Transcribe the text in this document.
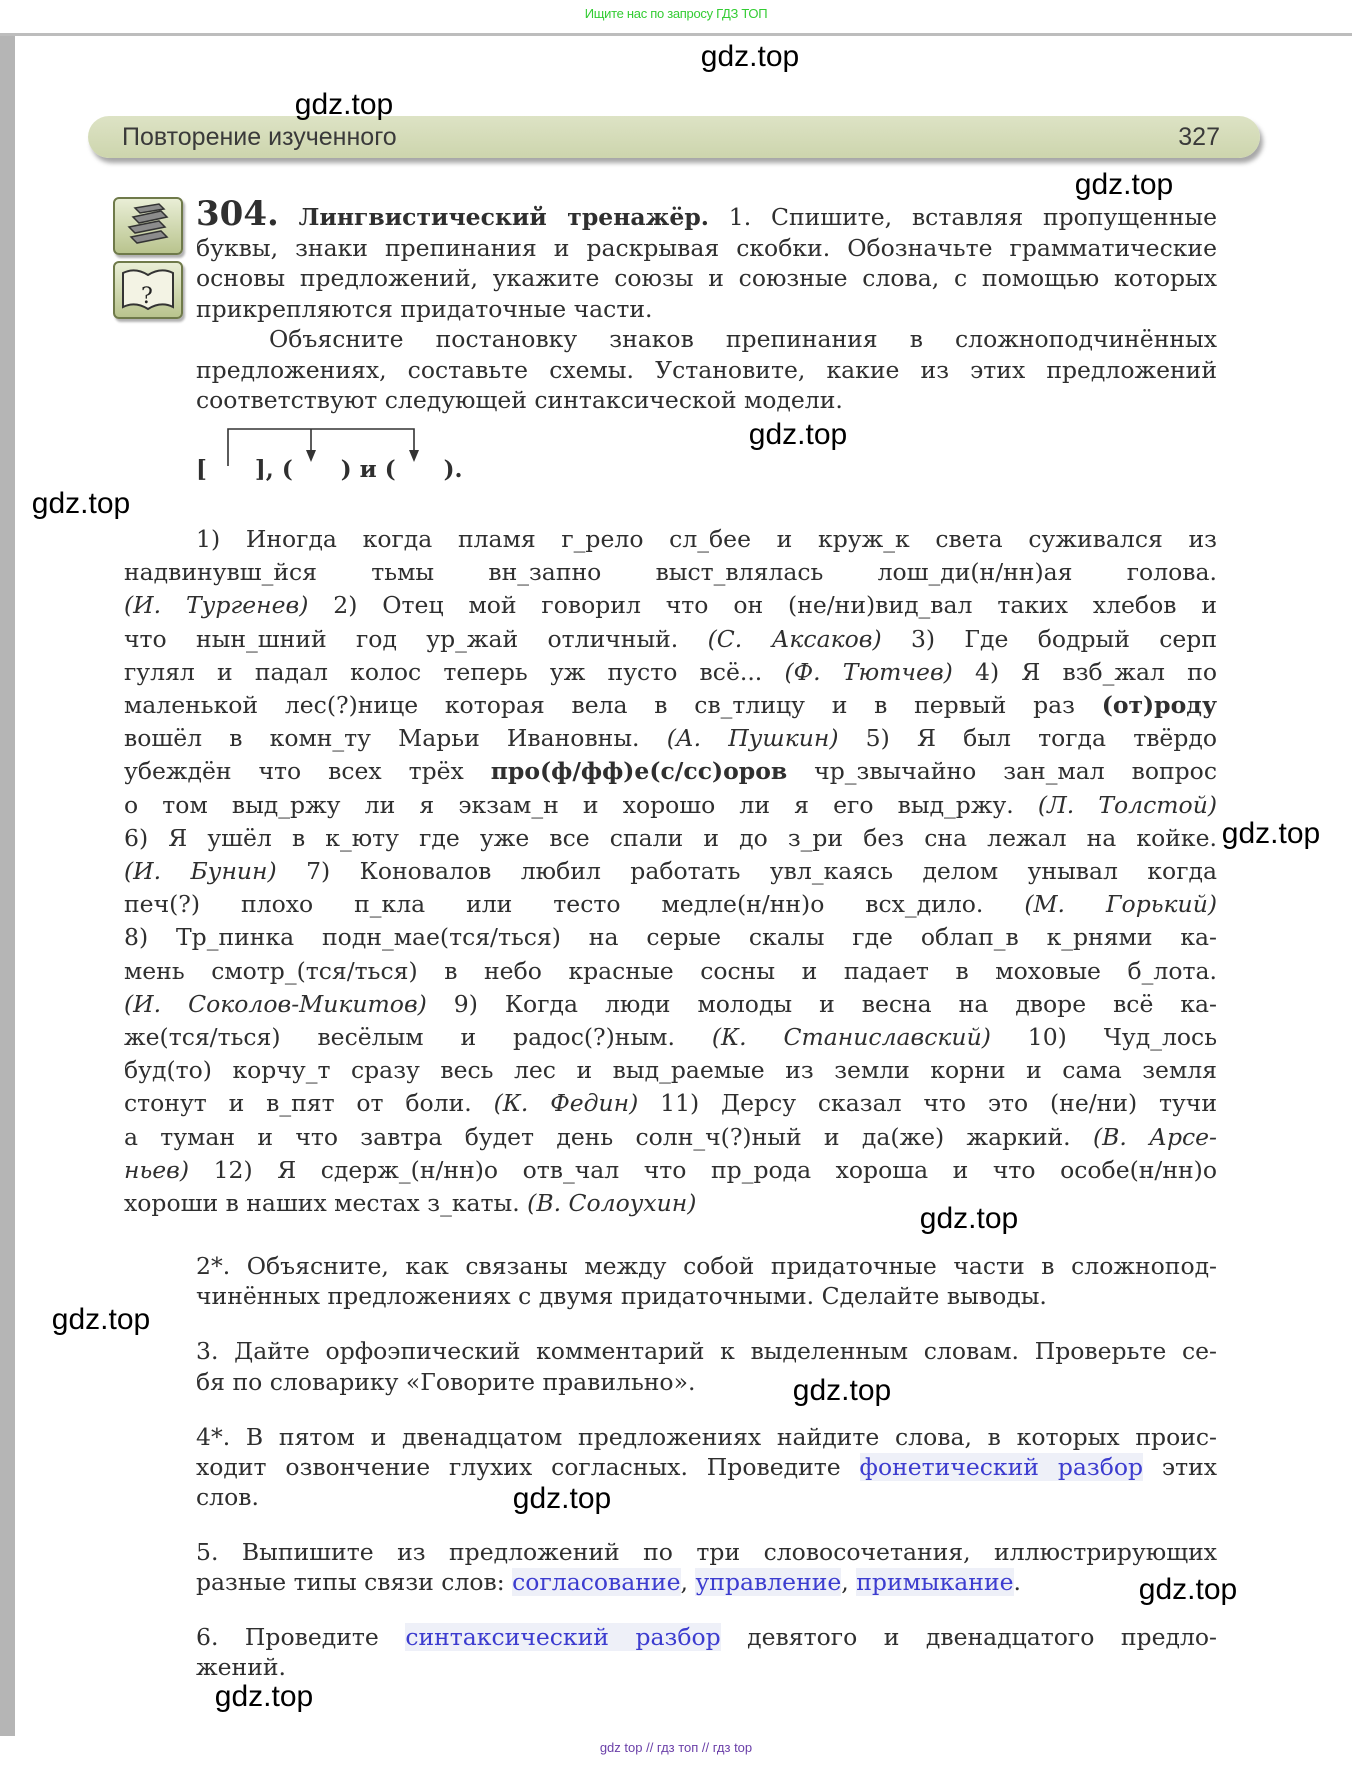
Ищите нас по запросу ГДЗ ТОП
Повторение изученного	327
?
304. Лингвистический тренажёр. 1. Спишите, вставляя пропущенные
буквы, знаки препинания и раскрывая скобки. Обозначьте грамматические
основы предложений, укажите союзы и союзные слова, с помощью которых
прикрепляются придаточные части.
Объясните постановку знаков препинания в сложноподчинённых
предложениях, составьте схемы. Установите, какие из этих предложений
соответствуют следующей синтаксической модели.
[      ], (      ) и (      ).
1) Иногда когда пламя г_рело сл_бее и круж_к света суживался из
надвинувш_йся тьмы вн_запно выст_влялась лош_ди(н/нн)ая голова.
(И. Тургенев) 2) Отец мой говорил что он (не/ни)вид_вал таких хлебов и
что нын_шний год ур_жай отличный. (С. Аксаков) 3) Где бодрый серп
гулял и падал колос теперь уж пусто всё... (Ф. Тютчев) 4) Я взб_жал по
маленькой лес(?)нице которая вела в св_тлицу и в первый раз (от)роду
вошёл в комн_ту Марьи Ивановны. (А. Пушкин) 5) Я был тогда твёрдо
убеждён что всех трёх про(ф/фф)е(с/сс)оров чр_звычайно зан_мал вопрос
о том выд_ржу ли я экзам_н и хорошо ли я его выд_ржу. (Л. Толстой)
6) Я ушёл в к_юту где уже все спали и до з_ри без сна лежал на койке.
(И. Бунин) 7) Коновалов любил работать увл_каясь делом унывал когда
печ(?) плохо п_кла или тесто медле(н/нн)о всх_дило. (М. Горький)
8) Тр_пинка подн_мае(тся/ться) на серые скалы где облап_в к_рнями ка-
мень смотр_(тся/ться) в небо красные сосны и падает в моховые б_лота.
(И. Соколов-Микитов) 9) Когда люди молоды и весна на дворе всё ка-
же(тся/ться) весёлым и радос(?)ным. (К. Станиславский) 10) Чуд_лось
буд(то) корчу_т сразу весь лес и выд_раемые из земли корни и сама земля
стонут и в_пят от боли. (К. Федин) 11) Дерсу сказал что это (не/ни) тучи
а туман и что завтра будет день солн_ч(?)ный и да(же) жаркий. (В. Арсе-
ньев) 12) Я сдерж_(н/нн)о отв_чал что пр_рода хороша и что особе(н/нн)о
хороши в наших местах з_каты. (В. Солоухин)
2*. Объясните, как связаны между собой придаточные части в сложнопод-
чинённых предложениях с двумя придаточными. Сделайте выводы.
3. Дайте орфоэпический комментарий к выделенным словам. Проверьте се-
бя по словарику «Говорите правильно».
4*. В пятом и двенадцатом предложениях найдите слова, в которых проис-
ходит озвончение глухих согласных. Проведите фонетический разбор этих
слов.
5. Выпишите из предложений по три словосочетания, иллюстрирующих
разные типы связи слов: согласование, управление, примыкание.
6. Проведите синтаксический разбор девятого и двенадцатого предло-
жений.
gdz.top
gdz.top
gdz.top
gdz.top
gdz.top
gdz.top
gdz.top
gdz.top
gdz.top
gdz.top
gdz.top
gdz.top
gdz top // гдз топ // гдз top
